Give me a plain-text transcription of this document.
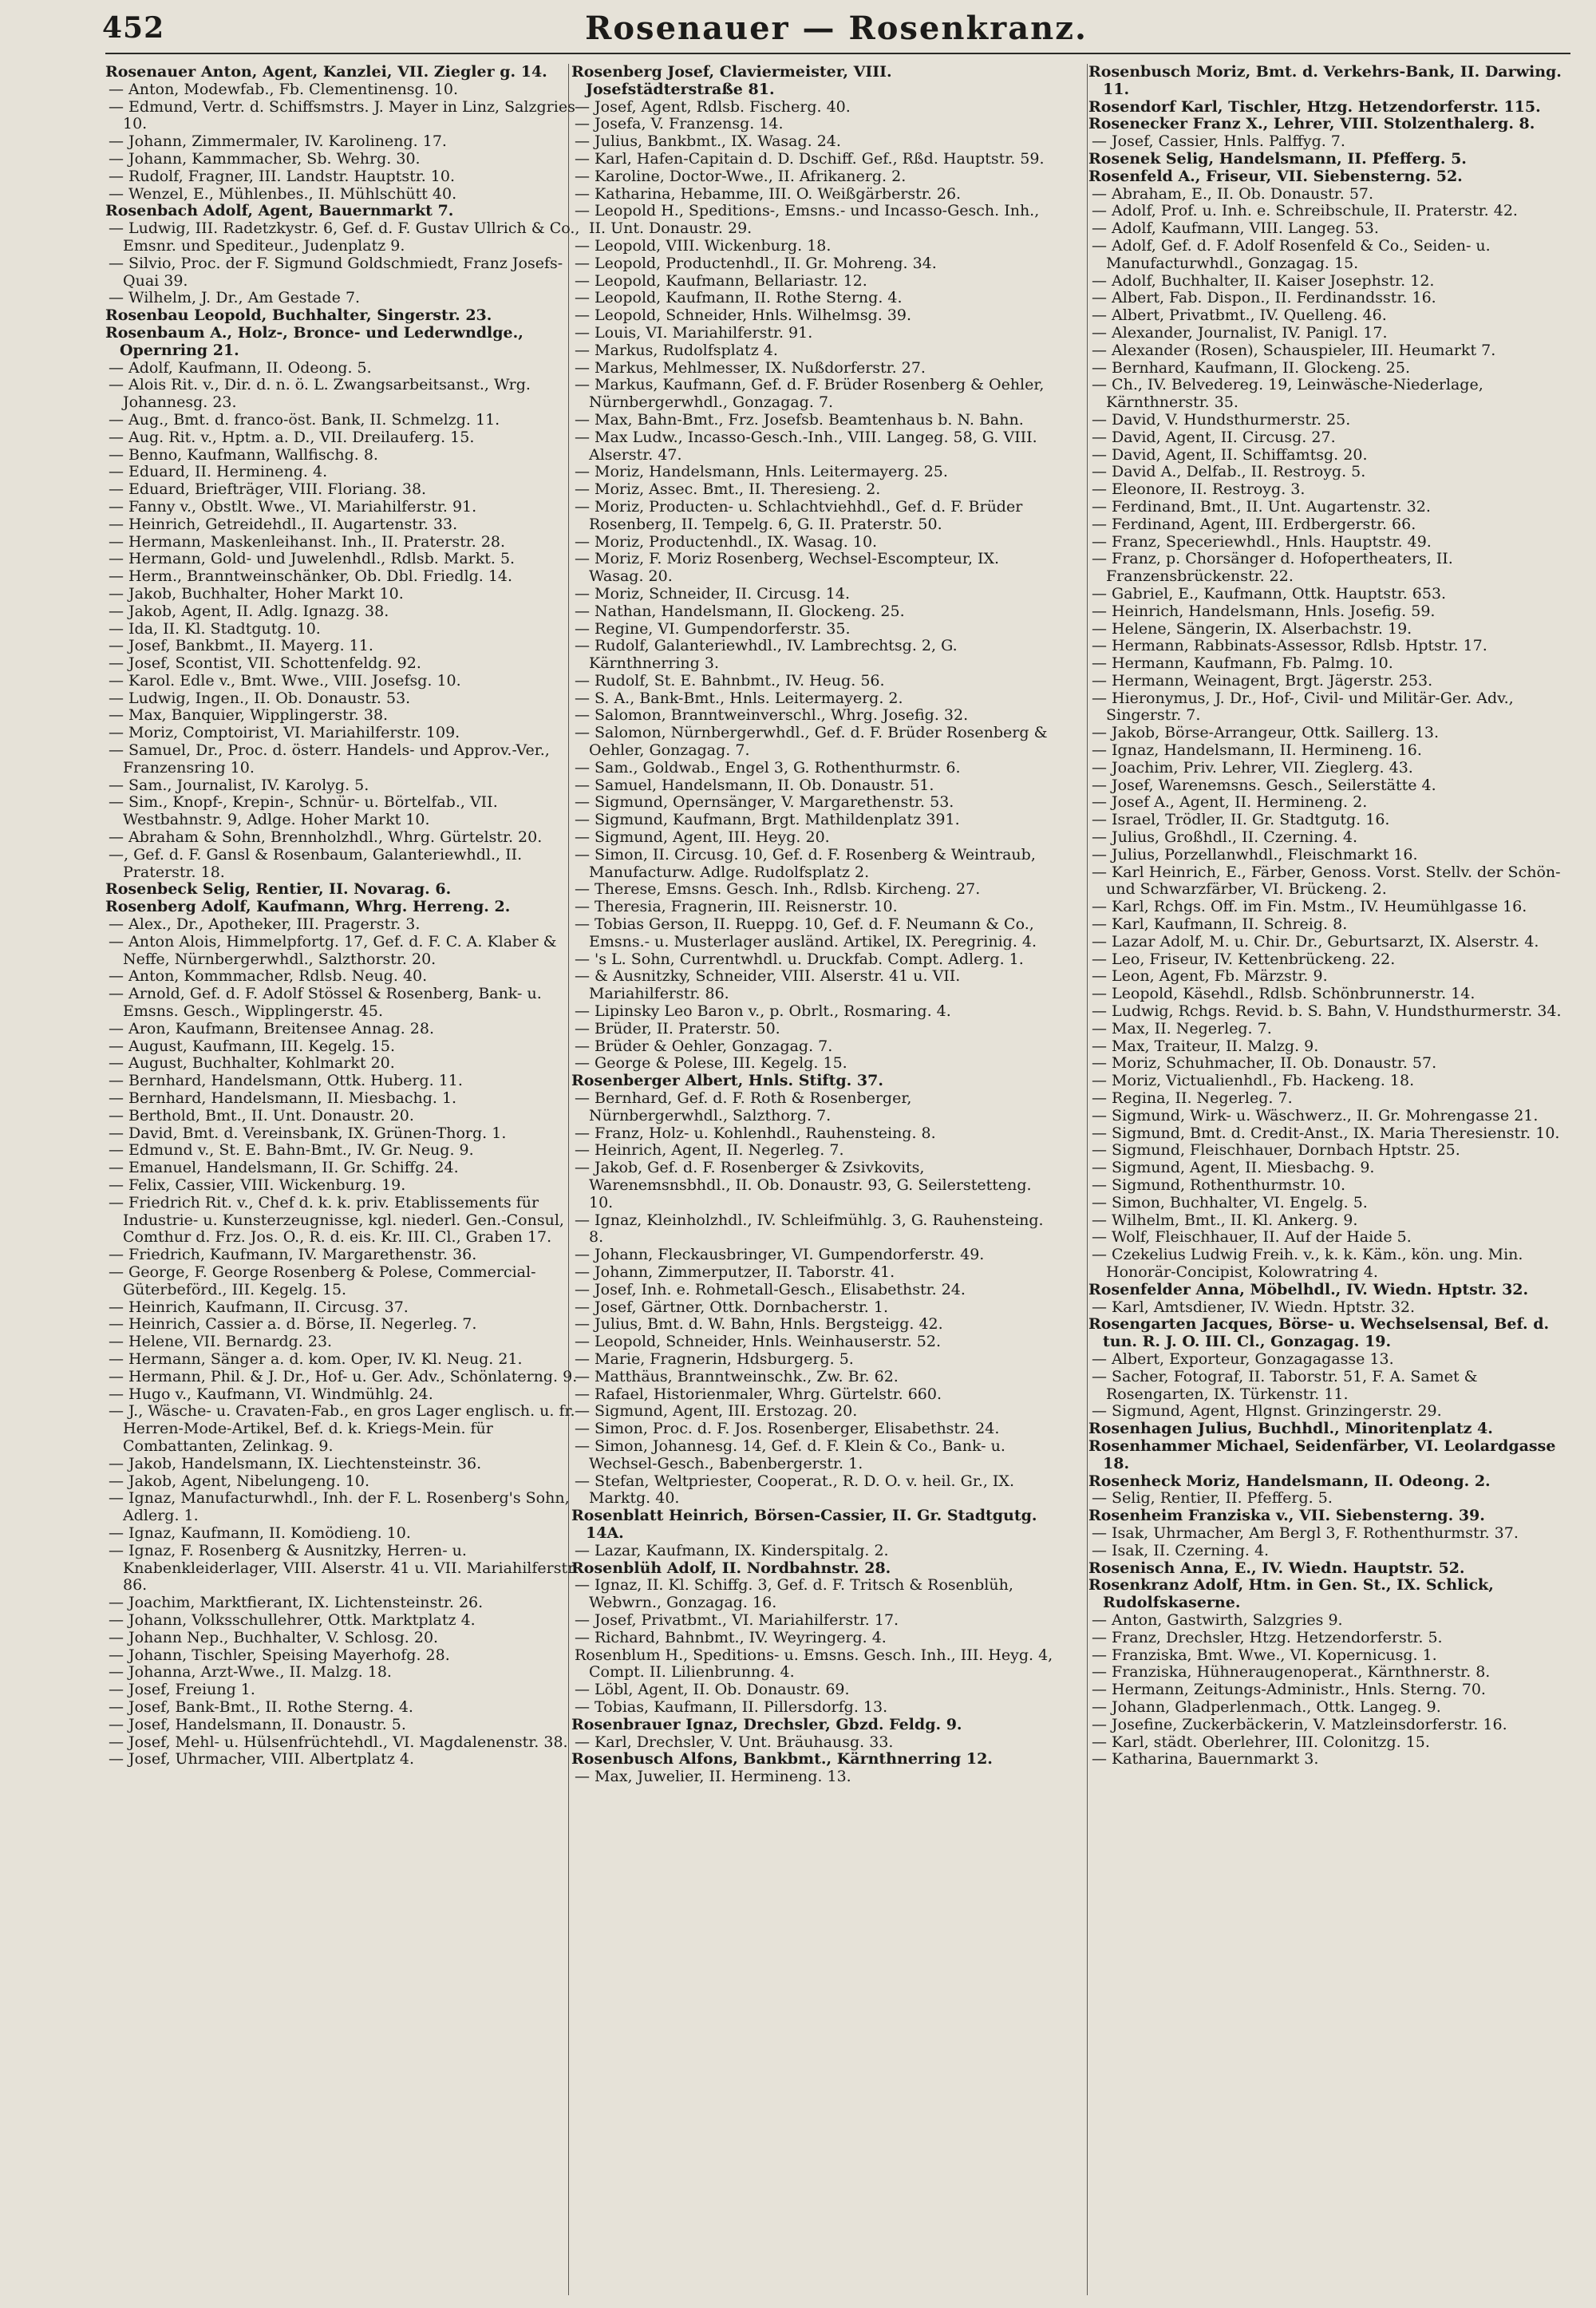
452	Rosenauer — Rosenkranz.

Rosenauer Anton, Agent, Kanzlei, VII. Ziegler g. 14.

— Anton, Modewfab., Fb. Clementinensg. 10.

— Edmund, Vertr. d. Schiffsmstrs. J. Mayer in Linz, Salzgries 10.

— Johann, Zimmermaler, IV. Karolineng. 17.

— Johann, Kammmacher, Sb. Wehrg. 30.

— Rudolf, Fragner, III. Landstr. Hauptstr. 10.

— Wenzel, E., Mühlenbes., II. Mühlschütt 40.

Rosenbach Adolf, Agent, Bauernmarkt 7.

— Ludwig, III. Radetzkystr. 6, Gef. d. F. Gustav Ullrich & Co., Emsnr. und Spediteur., Judenplatz 9.

— Silvio, Proc. der F. Sigmund Goldschmiedt, Franz Josefs-Quai 39.

— Wilhelm, J. Dr., Am Gestade 7.

Rosenbau Leopold, Buchhalter, Singerstr. 23.

Rosenbaum A., Holz-, Bronce- und Lederwndlge., Opernring 21.

— Adolf, Kaufmann, II. Odeong. 5.

— Alois Rit. v., Dir. d. n. ö. L. Zwangsarbeitsanst., Wrg. Johannesg. 23.

— Aug., Bmt. d. franco-öst. Bank, II. Schmelzg. 11.

— Aug. Rit. v., Hptm. a. D., VII. Dreilauferg. 15.

— Benno, Kaufmann, Wallfischg. 8.

— Eduard, II. Hermineng. 4.

— Eduard, Briefträger, VIII. Floriang. 38.

— Fanny v., Obstlt. Wwe., VI. Mariahilferstr. 91.

— Heinrich, Getreidehdl., II. Augartenstr. 33.

— Hermann, Maskenleihanst. Inh., II. Praterstr. 28.

— Hermann, Gold- und Juwelenhdl., Rdlsb. Markt. 5.

— Herm., Branntweinschänker, Ob. Dbl. Friedlg. 14.

— Jakob, Buchhalter, Hoher Markt 10.

— Jakob, Agent, II. Adlg. Ignazg. 38.

— Ida, II. Kl. Stadtgutg. 10.

— Josef, Bankbmt., II. Mayerg. 11.

— Josef, Scontist, VII. Schottenfeldg. 92.

— Karol. Edle v., Bmt. Wwe., VIII. Josefsg. 10.

— Ludwig, Ingen., II. Ob. Donaustr. 53.

— Max, Banquier, Wipplingerstr. 38.

— Moriz, Comptoirist, VI. Mariahilferstr. 109.

— Samuel, Dr., Proc. d. österr. Handels- und Approv.-Ver., Franzensring 10.

— Sam., Journalist, IV. Karolyg. 5.

— Sim., Knopf-, Krepin-, Schnür- u. Börtelfab., VII. Westbahnstr. 9, Adlge. Hoher Markt 10.

— Abraham & Sohn, Brennholzhdl., Whrg. Gürtelstr. 20.

—, Gef. d. F. Gansl & Rosenbaum, Galanteriewhdl., II. Praterstr. 18.

Rosenbeck Selig, Rentier, II. Novarag. 6.

Rosenberg Adolf, Kaufmann, Whrg. Herreng. 2.

— Alex., Dr., Apotheker, III. Pragerstr. 3.

— Anton Alois, Himmelpfortg. 17, Gef. d. F. C. A. Klaber & Neffe, Nürnbergerwhdl., Salzthorstr. 20.

— Anton, Kommmacher, Rdlsb. Neug. 40.

— Arnold, Gef. d. F. Adolf Stössel & Rosenberg, Bank- u. Emsns. Gesch., Wipplingerstr. 45.

— Aron, Kaufmann, Breitensee Annag. 28.

— August, Kaufmann, III. Kegelg. 15.

— August, Buchhalter, Kohlmarkt 20.

— Bernhard, Handelsmann, Ottk. Huberg. 11.

— Bernhard, Handelsmann, II. Miesbachg. 1.

— Berthold, Bmt., II. Unt. Donaustr. 20.

— David, Bmt. d. Vereinsbank, IX. Grünen-Thorg. 1.

— Edmund v., St. E. Bahn-Bmt., IV. Gr. Neug. 9.

— Emanuel, Handelsmann, II. Gr. Schiffg. 24.

— Felix, Cassier, VIII. Wickenburg. 19.

— Friedrich Rit. v., Chef d. k. k. priv. Etablissements für Industrie- u. Kunsterzeugnisse, kgl. niederl. Gen.-Consul, Comthur d. Frz. Jos. O., R. d. eis. Kr. III. Cl., Graben 17.

— Friedrich, Kaufmann, IV. Margarethenstr. 36.

— George, F. George Rosenberg & Polese, Commercial-Güterbeförd., III. Kegelg. 15.

— Heinrich, Kaufmann, II. Circusg. 37.

— Heinrich, Cassier a. d. Börse, II. Negerleg. 7.

— Helene, VII. Bernardg. 23.

— Hermann, Sänger a. d. kom. Oper, IV. Kl. Neug. 21.

— Hermann, Phil. & J. Dr., Hof- u. Ger. Adv., Schönlaterng. 9.

— Hugo v., Kaufmann, VI. Windmühlg. 24.

— J., Wäsche- u. Cravaten-Fab., en gros Lager englisch. u. fr. Herren-Mode-Artikel, Bef. d. k. Kriegs-Mein. für Combattanten, Zelinkag. 9.

— Jakob, Handelsmann, IX. Liechtensteinstr. 36.

— Jakob, Agent, Nibelungeng. 10.

— Ignaz, Manufacturwhdl., Inh. der F. L. Rosenberg's Sohn, Adlerg. 1.

— Ignaz, Kaufmann, II. Komödieng. 10.

— Ignaz, F. Rosenberg & Ausnitzky, Herren- u. Knabenkleiderlager, VIII. Alserstr. 41 u. VII. Mariahilferstr. 86.

— Joachim, Marktfierant, IX. Lichtensteinstr. 26.

— Johann, Volksschullehrer, Ottk. Marktplatz 4.

— Johann Nep., Buchhalter, V. Schlosg. 20.

— Johann, Tischler, Speising Mayerhofg. 28.

— Johanna, Arzt-Wwe., II. Malzg. 18.

— Josef, Freiung 1.

— Josef, Bank-Bmt., II. Rothe Sterng. 4.

— Josef, Handelsmann, II. Donaustr. 5.

— Josef, Mehl- u. Hülsenfrüchtehdl., VI. Magdalenenstr. 38.

— Josef, Uhrmacher, VIII. Albertplatz 4.

Rosenberg Josef, Claviermeister, VIII. Josefstädterstraße 81.

— Josef, Agent, Rdlsb. Fischerg. 40.

— Josefa, V. Franzensg. 14.

— Julius, Bankbmt., IX. Wasag. 24.

— Karl, Hafen-Capitain d. D. Dschiff. Gef., Rßd. Hauptstr. 59.

— Karoline, Doctor-Wwe., II. Afrikanerg. 2.

— Katharina, Hebamme, III. O. Weißgärberstr. 26.

— Leopold H., Speditions-, Emsns.- und Incasso-Gesch. Inh., II. Unt. Donaustr. 29.

— Leopold, VIII. Wickenburg. 18.

— Leopold, Productenhdl., II. Gr. Mohreng. 34.

— Leopold, Kaufmann, Bellariastr. 12.

— Leopold, Kaufmann, II. Rothe Sterng. 4.

— Leopold, Schneider, Hnls. Wilhelmsg. 39.

— Louis, VI. Mariahilferstr. 91.

— Markus, Rudolfsplatz 4.

— Markus, Mehlmesser, IX. Nußdorferstr. 27.

— Markus, Kaufmann, Gef. d. F. Brüder Rosenberg & Oehler, Nürnbergerwhdl., Gonzagag. 7.

— Max, Bahn-Bmt., Frz. Josefsb. Beamtenhaus b. N. Bahn.

— Max Ludw., Incasso-Gesch.-Inh., VIII. Langeg. 58, G. VIII. Alserstr. 47.

— Moriz, Handelsmann, Hnls. Leitermayerg. 25.

— Moriz, Assec. Bmt., II. Theresieng. 2.

— Moriz, Producten- u. Schlachtviehhdl., Gef. d. F. Brüder Rosenberg, II. Tempelg. 6, G. II. Praterstr. 50.

— Moriz, Productenhdl., IX. Wasag. 10.

— Moriz, F. Moriz Rosenberg, Wechsel-Escompteur, IX. Wasag. 20.

— Moriz, Schneider, II. Circusg. 14.

— Nathan, Handelsmann, II. Glockeng. 25.

— Regine, VI. Gumpendorferstr. 35.

— Rudolf, Galanteriewhdl., IV. Lambrechtsg. 2, G. Kärnthnerring 3.

— Rudolf, St. E. Bahnbmt., IV. Heug. 56.

— S. A., Bank-Bmt., Hnls. Leitermayerg. 2.

— Salomon, Branntweinverschl., Whrg. Josefig. 32.

— Salomon, Nürnbergerwhdl., Gef. d. F. Brüder Rosenberg & Oehler, Gonzagag. 7.

— Sam., Goldwab., Engel 3, G. Rothenthurmstr. 6.

— Samuel, Handelsmann, II. Ob. Donaustr. 51.

— Sigmund, Opernsänger, V. Margarethenstr. 53.

— Sigmund, Kaufmann, Brgt. Mathildenplatz 391.

— Sigmund, Agent, III. Heyg. 20.

— Simon, II. Circusg. 10, Gef. d. F. Rosenberg & Weintraub, Manufacturw. Adlge. Rudolfsplatz 2.

— Therese, Emsns. Gesch. Inh., Rdlsb. Kircheng. 27.

— Theresia, Fragnerin, III. Reisnerstr. 10.

— Tobias Gerson, II. Rueppg. 10, Gef. d. F. Neumann & Co., Emsns.- u. Musterlager ausländ. Artikel, IX. Peregrinig. 4.

— 's L. Sohn, Currentwhdl. u. Druckfab. Compt. Adlerg. 1.

— & Ausnitzky, Schneider, VIII. Alserstr. 41 u. VII. Mariahilferstr. 86.

— Lipinsky Leo Baron v., p. Obrlt., Rosmaring. 4.

— Brüder, II. Praterstr. 50.

— Brüder & Oehler, Gonzagag. 7.

— George & Polese, III. Kegelg. 15.

Rosenberger Albert, Hnls. Stiftg. 37.

— Bernhard, Gef. d. F. Roth & Rosenberger, Nürnbergerwhdl., Salzthorg. 7.

— Franz, Holz- u. Kohlenhdl., Rauhensteing. 8.

— Heinrich, Agent, II. Negerleg. 7.

— Jakob, Gef. d. F. Rosenberger & Zsivkovits, Warenemsnsbhdl., II. Ob. Donaustr. 93, G. Seilerstetteng. 10.

— Ignaz, Kleinholzhdl., IV. Schleifmühlg. 3, G. Rauhensteing. 8.

— Johann, Fleckausbringer, VI. Gumpendorferstr. 49.

— Johann, Zimmerputzer, II. Taborstr. 41.

— Josef, Inh. e. Rohmetall-Gesch., Elisabethstr. 24.

— Josef, Gärtner, Ottk. Dornbacherstr. 1.

— Julius, Bmt. d. W. Bahn, Hnls. Bergsteigg. 42.

— Leopold, Schneider, Hnls. Weinhauserstr. 52.

— Marie, Fragnerin, Hdsburgerg. 5.

— Matthäus, Branntweinschk., Zw. Br. 62.

— Rafael, Historienmaler, Whrg. Gürtelstr. 660.

— Sigmund, Agent, III. Erstozag. 20.

— Simon, Proc. d. F. Jos. Rosenberger, Elisabethstr. 24.

— Simon, Johannesg. 14, Gef. d. F. Klein & Co., Bank- u. Wechsel-Gesch., Babenbergerstr. 1.

— Stefan, Weltpriester, Cooperat., R. D. O. v. heil. Gr., IX. Marktg. 40.

Rosenblatt Heinrich, Börsen-Cassier, II. Gr. Stadtgutg. 14A.

— Lazar, Kaufmann, IX. Kinderspitalg. 2.

Rosenblüh Adolf, II. Nordbahnstr. 28.

— Ignaz, II. Kl. Schiffg. 3, Gef. d. F. Tritsch & Rosenblüh, Webwrn., Gonzagag. 16.

— Josef, Privatbmt., VI. Mariahilferstr. 17.

— Richard, Bahnbmt., IV. Weyringerg. 4.

Rosenblum H., Speditions- u. Emsns. Gesch. Inh., III. Heyg. 4, Compt. II. Lilienbrunng. 4.

— Löbl, Agent, II. Ob. Donaustr. 69.

— Tobias, Kaufmann, II. Pillersdorfg. 13.

Rosenbrauer Ignaz, Drechsler, Gbzd. Feldg. 9.

— Karl, Drechsler, V. Unt. Bräuhausg. 33.

Rosenbusch Alfons, Bankbmt., Kärnthnerring 12.

— Max, Juwelier, II. Hermineng. 13.

Rosenbusch Moriz, Bmt. d. Verkehrs-Bank, II. Darwing. 11.

Rosendorf Karl, Tischler, Htzg. Hetzendorferstr. 115.

Rosenecker Franz X., Lehrer, VIII. Stolzenthalerg. 8.

— Josef, Cassier, Hnls. Palffyg. 7.

Rosenek Selig, Handelsmann, II. Pfefferg. 5.

Rosenfeld A., Friseur, VII. Siebensterng. 52.

— Abraham, E., II. Ob. Donaustr. 57.

— Adolf, Prof. u. Inh. e. Schreibschule, II. Praterstr. 42.

— Adolf, Kaufmann, VIII. Langeg. 53.

— Adolf, Gef. d. F. Adolf Rosenfeld & Co., Seiden- u. Manufacturwhdl., Gonzagag. 15.

— Adolf, Buchhalter, II. Kaiser Josephstr. 12.

— Albert, Fab. Dispon., II. Ferdinandsstr. 16.

— Albert, Privatbmt., IV. Quelleng. 46.

— Alexander, Journalist, IV. Panigl. 17.

— Alexander (Rosen), Schauspieler, III. Heumarkt 7.

— Bernhard, Kaufmann, II. Glockeng. 25.

— Ch., IV. Belvedereg. 19, Leinwäsche-Niederlage, Kärnthnerstr. 35.

— David, V. Hundsthurmerstr. 25.

— David, Agent, II. Circusg. 27.

— David, Agent, II. Schiffamtsg. 20.

— David A., Delfab., II. Restroyg. 5.

— Eleonore, II. Restroyg. 3.

— Ferdinand, Bmt., II. Unt. Augartenstr. 32.

— Ferdinand, Agent, III. Erdbergerstr. 66.

— Franz, Speceriewhdl., Hnls. Hauptstr. 49.

— Franz, p. Chorsänger d. Hofopertheaters, II. Franzensbrückenstr. 22.

— Gabriel, E., Kaufmann, Ottk. Hauptstr. 653.

— Heinrich, Handelsmann, Hnls. Josefig. 59.

— Helene, Sängerin, IX. Alserbachstr. 19.

— Hermann, Rabbinats-Assessor, Rdlsb. Hptstr. 17.

— Hermann, Kaufmann, Fb. Palmg. 10.

— Hermann, Weinagent, Brgt. Jägerstr. 253.

— Hieronymus, J. Dr., Hof-, Civil- und Militär-Ger. Adv., Singerstr. 7.

— Jakob, Börse-Arrangeur, Ottk. Saillerg. 13.

— Ignaz, Handelsmann, II. Hermineng. 16.

— Joachim, Priv. Lehrer, VII. Zieglerg. 43.

— Josef, Warenemsns. Gesch., Seilerstätte 4.

— Josef A., Agent, II. Hermineng. 2.

— Israel, Trödler, II. Gr. Stadtgutg. 16.

— Julius, Großhdl., II. Czerning. 4.

— Julius, Porzellanwhdl., Fleischmarkt 16.

— Karl Heinrich, E., Färber, Genoss. Vorst. Stellv. der Schön- und Schwarzfärber, VI. Brückeng. 2.

— Karl, Rchgs. Off. im Fin. Mstm., IV. Heumühlgasse 16.

— Karl, Kaufmann, II. Schreig. 8.

— Lazar Adolf, M. u. Chir. Dr., Geburtsarzt, IX. Alserstr. 4.

— Leo, Friseur, IV. Kettenbrückeng. 22.

— Leon, Agent, Fb. Märzstr. 9.

— Leopold, Käsehdl., Rdlsb. Schönbrunnerstr. 14.

— Ludwig, Rchgs. Revid. b. S. Bahn, V. Hundsthurmerstr. 34.

— Max, II. Negerleg. 7.

— Max, Traiteur, II. Malzg. 9.

— Moriz, Schuhmacher, II. Ob. Donaustr. 57.

— Moriz, Victualienhdl., Fb. Hackeng. 18.

— Regina, II. Negerleg. 7.

— Sigmund, Wirk- u. Wäschwerz., II. Gr. Mohrengasse 21.

— Sigmund, Bmt. d. Credit-Anst., IX. Maria Theresienstr. 10.

— Sigmund, Fleischhauer, Dornbach Hptstr. 25.

— Sigmund, Agent, II. Miesbachg. 9.

— Sigmund, Rothenthurmstr. 10.

— Simon, Buchhalter, VI. Engelg. 5.

— Wilhelm, Bmt., II. Kl. Ankerg. 9.

— Wolf, Fleischhauer, II. Auf der Haide 5.

— Czekelius Ludwig Freih. v., k. k. Käm., kön. ung. Min. Honorär-Concipist, Kolowratring 4.

Rosenfelder Anna, Möbelhdl., IV. Wiedn. Hptstr. 32.

— Karl, Amtsdiener, IV. Wiedn. Hptstr. 32.

Rosengarten Jacques, Börse- u. Wechselsensal, Bef. d. tun. R. J. O. III. Cl., Gonzagag. 19.

— Albert, Exporteur, Gonzagagasse 13.

— Sacher, Fotograf, II. Taborstr. 51, F. A. Samet & Rosengarten, IX. Türkenstr. 11.

— Sigmund, Agent, Hlgnst. Grinzingerstr. 29.

Rosenhagen Julius, Buchhdl., Minoritenplatz 4.

Rosenhammer Michael, Seidenfärber, VI. Leolardgasse 18.

Rosenheck Moriz, Handelsmann, II. Odeong. 2.

— Selig, Rentier, II. Pfefferg. 5.

Rosenheim Franziska v., VII. Siebensterng. 39.

— Isak, Uhrmacher, Am Bergl 3, F. Rothenthurmstr. 37.

— Isak, II. Czerning. 4.

Rosenisch Anna, E., IV. Wiedn. Hauptstr. 52.

Rosenkranz Adolf, Htm. in Gen. St., IX. Schlick, Rudolfskaserne.

— Anton, Gastwirth, Salzgries 9.

— Franz, Drechsler, Htzg. Hetzendorferstr. 5.

— Franziska, Bmt. Wwe., VI. Kopernicusg. 1.

— Franziska, Hühneraugenoperat., Kärnthnerstr. 8.

— Hermann, Zeitungs-Administr., Hnls. Sterng. 70.

— Johann, Gladperlenmach., Ottk. Langeg. 9.

— Josefine, Zuckerbäckerin, V. Matzleinsdorferstr. 16.

— Karl, städt. Oberlehrer, III. Colonitzg. 15.

— Katharina, Bauernmarkt 3.
